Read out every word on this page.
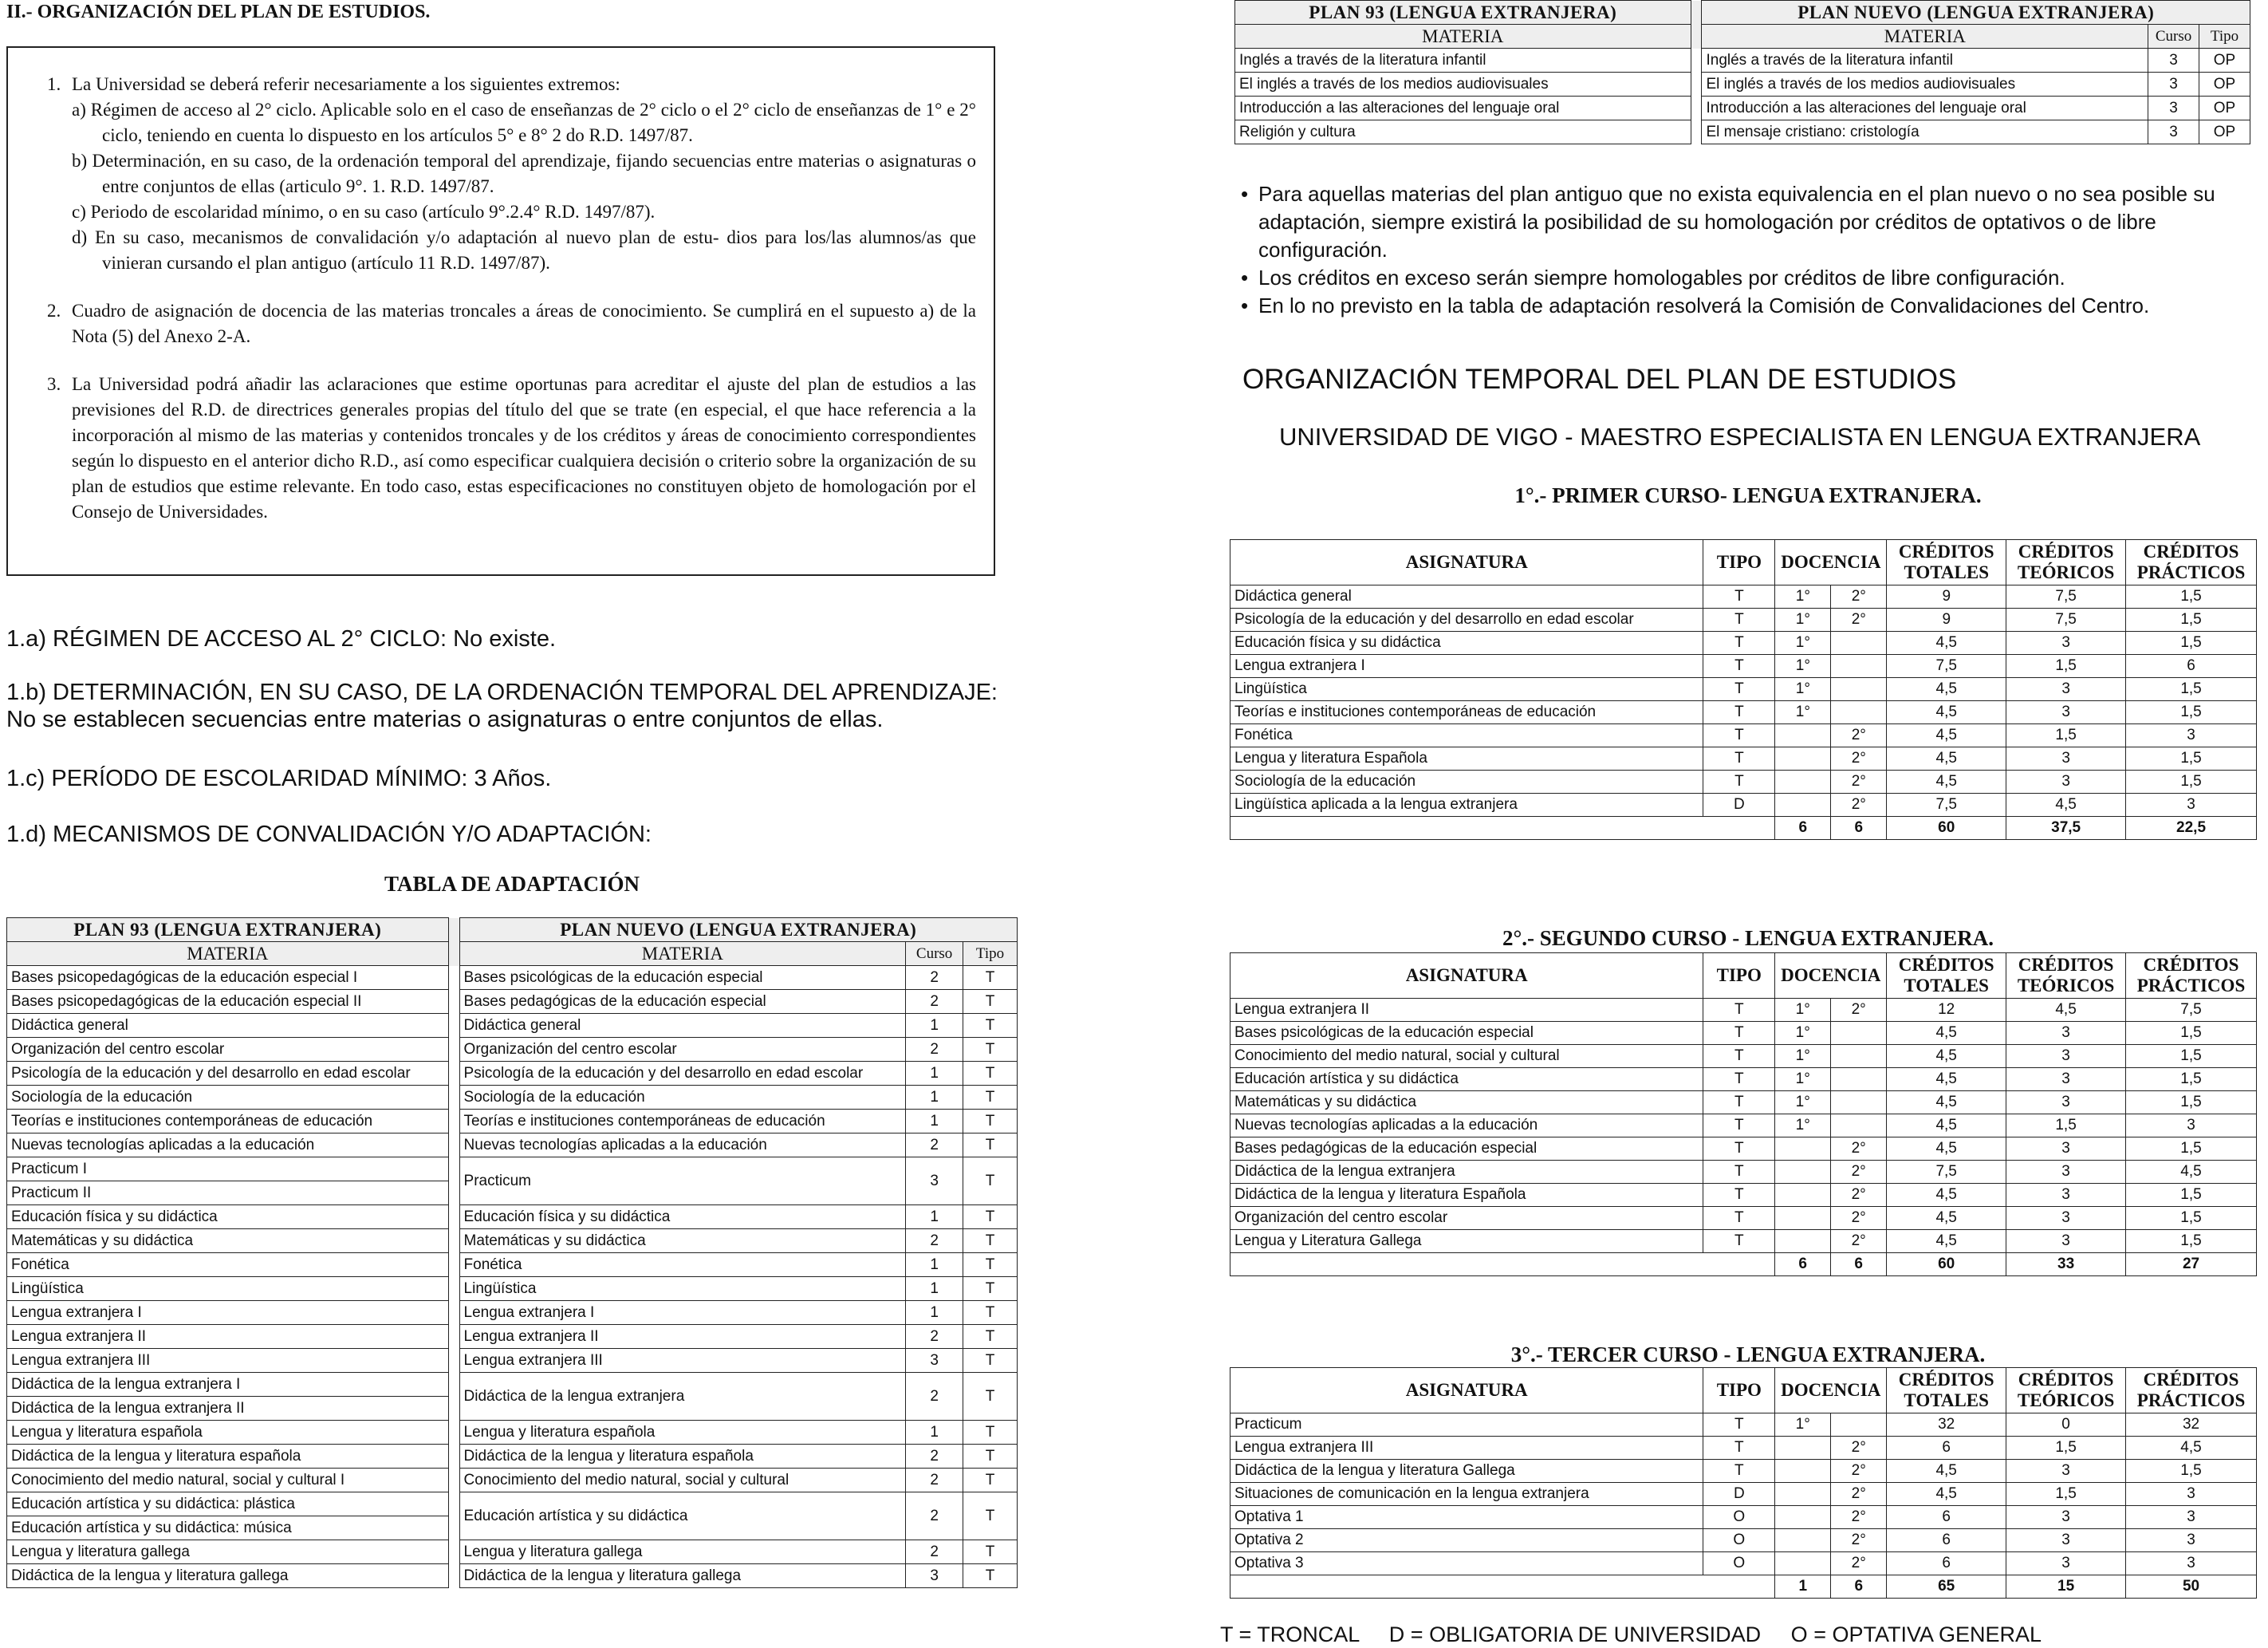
II.- ORGANIZACIÓN DEL PLAN DE ESTUDIOS.
1. La Universidad se deberá referir necesariamente a los siguientes extremos:
a) Régimen de acceso al 2° ciclo. Aplicable solo en el caso de enseñanzas de 2° ciclo o el 2° ciclo de enseñanzas de 1° e 2° ciclo, teniendo en cuenta lo dispuesto en los artículos 5° e 8° 2 do R.D. 1497/87.
b) Determinación, en su caso, de la ordenación temporal del aprendizaje, fijando secuencias entre materias o asignaturas o entre conjuntos de ellas (articulo 9°. 1. R.D. 1497/87.
c) Periodo de escolaridad mínimo, o en su caso (artículo 9°.2.4° R.D. 1497/87).
d) En su caso, mecanismos de convalidación y/o adaptación al nuevo plan de estu- dios para los/las alumnos/as que vinieran cursando el plan antiguo (artículo 11 R.D. 1497/87).
2. Cuadro de asignación de docencia de las materias troncales a áreas de conocimiento. Se cumplirá en el supuesto a) de la Nota (5) del Anexo 2-A.
3. La Universidad podrá añadir las aclaraciones que estime oportunas para acreditar el ajuste del plan de estudios a las previsiones del R.D. de directrices generales propias del título del que se trate (en especial, el que hace referencia a la incorporación al mismo de las materias y contenidos troncales y de los créditos y áreas de conocimiento correspondientes según lo dispuesto en el anterior dicho R.D., así como especificar cualquiera decisión o criterio sobre la organización de su plan de estudios que estime relevante. En todo caso, estas especificaciones no constituyen objeto de homologación por el Consejo de Universidades.
1.a) RÉGIMEN DE ACCESO AL 2° CICLO: No existe.
1.b) DETERMINACIÓN, EN SU CASO, DE LA ORDENACIÓN TEMPORAL DEL APRENDIZAJE:
No se establecen secuencias entre materias o asignaturas o entre conjuntos de ellas.
1.c) PERÍODO DE ESCOLARIDAD MÍNIMO: 3 Años.
1.d) MECANISMOS DE CONVALIDACIÓN Y/O ADAPTACIÓN:
TABLA DE ADAPTACIÓN
PLAN 93 (LENGUA EXTRANJERA)		PLAN NUEVO (LENGUA EXTRANJERA)		
MATERIA		MATERIA	Curso	Tipo
Bases psicopedagógicas de la educación especial I		Bases psicológicas de la educación especial	2	T
Bases psicopedagógicas de la educación especial II		Bases pedagógicas de la educación especial	2	T
Didáctica general		Didáctica general	1	T
Organización del centro escolar		Organización del centro escolar	2	T
Psicología de la educación y del desarrollo en edad escolar		Psicología de la educación y del desarrollo en edad escolar	1	T
Sociología de la educación		Sociología de la educación	1	T
Teorías e instituciones contemporáneas de educación		Teorías e instituciones contemporáneas de educación	1	T
Nuevas tecnologías aplicadas a la educación		Nuevas tecnologías aplicadas a la educación	2	T
Practicum I		Practicum	3	T
Practicum II				
Educación física y su didáctica		Educación física y su didáctica	1	T
Matemáticas y su didáctica		Matemáticas y su didáctica	2	T
Fonética		Fonética	1	T
Lingüística		Lingüística	1	T
Lengua extranjera I		Lengua extranjera I	1	T
Lengua extranjera II		Lengua extranjera II	2	T
Lengua extranjera III		Lengua extranjera III	3	T
Didáctica de la lengua extranjera I		Didáctica de la lengua extranjera	2	T
Didáctica de la lengua extranjera II				
Lengua y literatura española		Lengua y literatura española	1	T
Didáctica de la lengua y literatura española		Didáctica de la lengua y literatura española	2	T
Conocimiento del medio natural, social y cultural I		Conocimiento del medio natural, social y cultural	2	T
Educación artística y su didáctica: plástica		Educación artística y su didáctica	2	T
Educación artística y su didáctica: música				
Lengua y literatura gallega		Lengua y literatura gallega	2	T
Didáctica de la lengua y literatura gallega		Didáctica de la lengua y literatura gallega	3	T
PLAN 93 (LENGUA EXTRANJERA)		PLAN NUEVO (LENGUA EXTRANJERA)		
MATERIA		MATERIA	Curso	Tipo
Inglés a través de la literatura infantil		Inglés a través de la literatura infantil	3	OP
El inglés a través de los medios audiovisuales		El inglés a través de los medios audiovisuales	3	OP
Introducción a las alteraciones del lenguaje oral		Introducción a las alteraciones del lenguaje oral	3	OP
Religión y cultura		El mensaje cristiano: cristología	3	OP
• Para aquellas materias del plan antiguo que no exista equivalencia en el plan nuevo o no sea posible su adaptación, siempre existirá la posibilidad de su homologación por créditos de optativos o de libre configuración.
• Los créditos en exceso serán siempre homologables por créditos de libre configuración.
• En lo no previsto en la tabla de adaptación resolverá la Comisión de Convalidaciones del Centro.
ORGANIZACIÓN TEMPORAL DEL PLAN DE ESTUDIOS
UNIVERSIDAD DE VIGO - MAESTRO ESPECIALISTA EN LENGUA EXTRANJERA
1°.- PRIMER CURSO- LENGUA EXTRANJERA.
ASIGNATURA	TIPO	DOCENCIA		CRÉDITOS TOTALES	CRÉDITOS TEÓRICOS	CRÉDITOS PRÁCTICOS
Didáctica general	T	1°	2°	9	7,5	1,5
Psicología de la educación y del desarrollo en edad escolar	T	1°	2°	9	7,5	1,5
Educación física y su didáctica	T	1°		4,5	3	1,5
Lengua extranjera I	T	1°		7,5	1,5	6
Lingüística	T	1°		4,5	3	1,5
Teorías e instituciones contemporáneas de educación	T	1°		4,5	3	1,5
Fonética	T		2°	4,5	1,5	3
Lengua y literatura Española	T		2°	4,5	3	1,5
Sociología de la educación	T		2°	4,5	3	1,5
Lingüística aplicada a la lengua extranjera	D		2°	7,5	4,5	3
		6	6	60	37,5	22,5
2°.- SEGUNDO CURSO - LENGUA EXTRANJERA.
ASIGNATURA	TIPO	DOCENCIA		CRÉDITOS TOTALES	CRÉDITOS TEÓRICOS	CRÉDITOS PRÁCTICOS
Lengua extranjera II	T	1°	2°	12	4,5	7,5
Bases psicológicas de la educación especial	T	1°		4,5	3	1,5
Conocimiento del medio natural, social y cultural	T	1°		4,5	3	1,5
Educación artística y su didáctica	T	1°		4,5	3	1,5
Matemáticas y su didáctica	T	1°		4,5	3	1,5
Nuevas tecnologías aplicadas a la educación	T	1°		4,5	1,5	3
Bases pedagógicas de la educación especial	T		2°	4,5	3	1,5
Didáctica de la lengua extranjera	T		2°	7,5	3	4,5
Didáctica de la lengua y literatura Española	T		2°	4,5	3	1,5
Organización del centro escolar	T		2°	4,5	3	1,5
Lengua y Literatura Gallega	T		2°	4,5	3	1,5
		6	6	60	33	27
3°.- TERCER CURSO - LENGUA EXTRANJERA.
ASIGNATURA	TIPO	DOCENCIA		CRÉDITOS TOTALES	CRÉDITOS TEÓRICOS	CRÉDITOS PRÁCTICOS
Practicum	T	1°		32	0	32
Lengua extranjera III	T		2°	6	1,5	4,5
Didáctica de la lengua y literatura Gallega	T		2°	4,5	3	1,5
Situaciones de comunicación en la lengua extranjera	D		2°	4,5	1,5	3
Optativa 1	O		2°	6	3	3
Optativa 2	O		2°	6	3	3
Optativa 3	O		2°	6	3	3
		1	6	65	15	50
T = TRONCAL     D = OBLIGATORIA DE UNIVERSIDAD     O = OPTATIVA GENERAL
